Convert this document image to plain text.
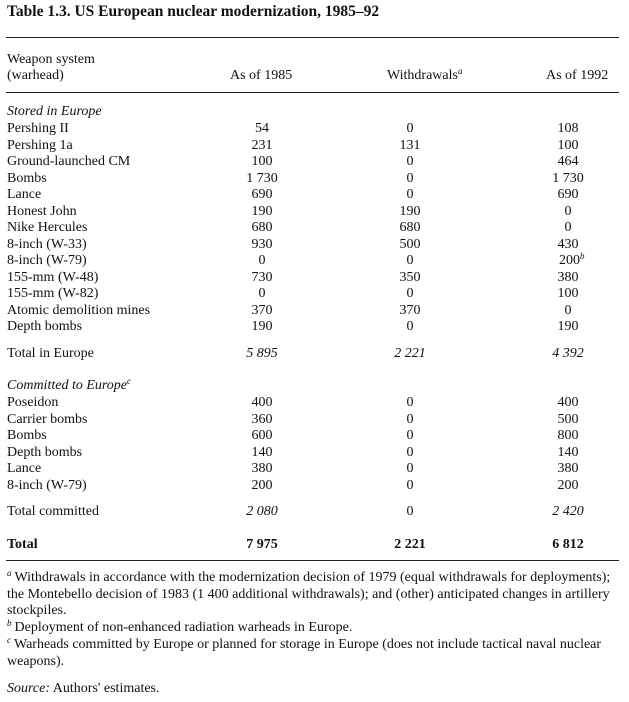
Table 1.3. US European nuclear modernization, 1985–92
Weapon system
(warhead)	As of 1985	Withdrawals$^a$	As of 1992
Stored in Europe
Pershing II	54	0	108
Pershing 1a	231	131	100
Ground-launched CM	100	0	464
Bombs	1 730	0	1 730
Lance	690	0	690
Honest John	190	190	0
Nike Hercules	680	680	0
8-inch (W-33)	930	500	430
8-inch (W-79)	0	0	200$^b$
155-mm (W-48)	730	350	380
155-mm (W-82)	0	0	100
Atomic demolition mines	370	370	0
Depth bombs	190	0	190
Total in Europe	5 895	2 221	4 392
Committed to Europe$^c$
Poseidon	400	0	400
Carrier bombs	360	0	500
Bombs	600	0	800
Depth bombs	140	0	140
Lance	380	0	380
8-inch (W-79)	200	0	200
Total committed	2 080	0	2 420
Total	7 975	2 221	6 812
$^a$ Withdrawals in accordance with the modernization decision of 1979 (equal withdrawals for deployments); the Montebello decision of 1983 (1 400 additional withdrawals); and (other) anticipated changes in artillery stockpiles.
$^b$ Deployment of non-enhanced radiation warheads in Europe.
$^c$ Warheads committed by Europe or planned for storage in Europe (does not include tactical naval nuclear weapons).
Source: Authors' estimates.
